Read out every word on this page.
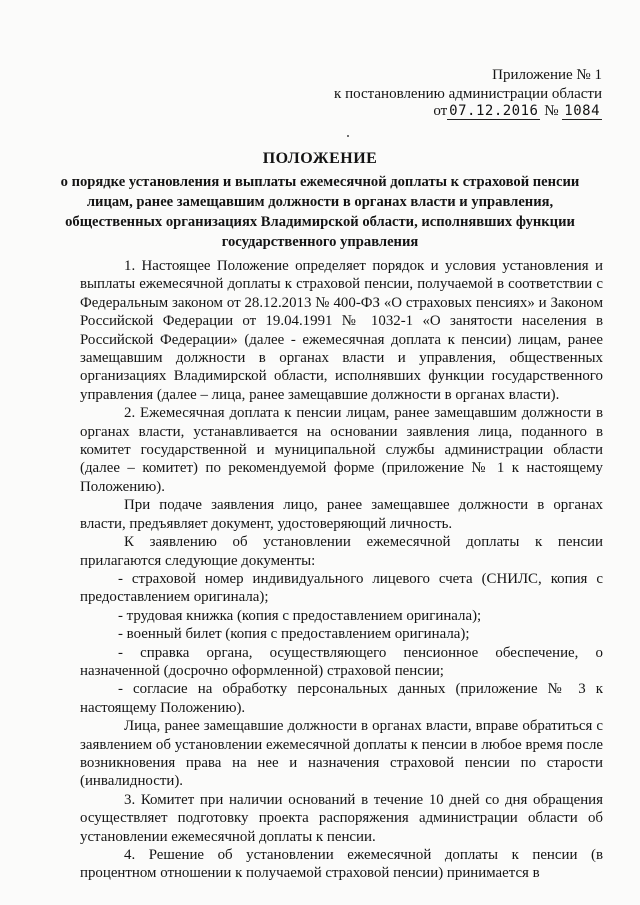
Приложение № 1
к постановлению администрации области
от 07.12.2016 № 1084
ПОЛОЖЕНИЕ
о порядке установления и выплаты ежемесячной доплаты к страховой пенсии лицам, ранее замещавшим должности в органах власти и управления, общественных организациях Владимирской области, исполнявших функции государственного управления

1. Настоящее Положение определяет порядок и условия установления и выплаты ежемесячной доплаты к страховой пенсии, получаемой в соответствии с Федеральным законом от 28.12.2013 № 400-ФЗ «О страховых пенсиях» и Законом Российской Федерации от 19.04.1991 № 1032-1 «О занятости населения в Российской Федерации» (далее - ежемесячная доплата к пенсии) лицам, ранее замещавшим должности в органах власти и управления, общественных организациях Владимирской области, исполнявших функции государственного управления (далее – лица, ранее замещавшие должности в органах власти).

2. Ежемесячная доплата к пенсии лицам, ранее замещавшим должности в органах власти, устанавливается на основании заявления лица, поданного в комитет государственной и муниципальной службы администрации области (далее – комитет) по рекомендуемой форме (приложение № 1 к настоящему Положению).

При подаче заявления лицо, ранее замещавшее должности в органах власти, предъявляет документ, удостоверяющий личность.

К заявлению об установлении ежемесячной доплаты к пенсии прилагаются следующие документы:

- страховой номер индивидуального лицевого счета (СНИЛС, копия с предоставлением оригинала);

- трудовая книжка (копия с предоставлением оригинала);

- военный билет (копия с предоставлением оригинала);

- справка органа, осуществляющего пенсионное обеспечение, о назначенной (досрочно оформленной) страховой пенсии;

- согласие на обработку персональных данных (приложение № 3 к настоящему Положению).

Лица, ранее замещавшие должности в органах власти, вправе обратиться с заявлением об установлении ежемесячной доплаты к пенсии в любое время после возникновения права на нее и назначения страховой пенсии по старости (инвалидности).

3. Комитет при наличии оснований в течение 10 дней со дня обращения осуществляет подготовку проекта распоряжения администрации области об установлении ежемесячной доплаты к пенсии.

4. Решение об установлении ежемесячной доплаты к пенсии (в процентном отношении к получаемой страховой пенсии) принимается в
